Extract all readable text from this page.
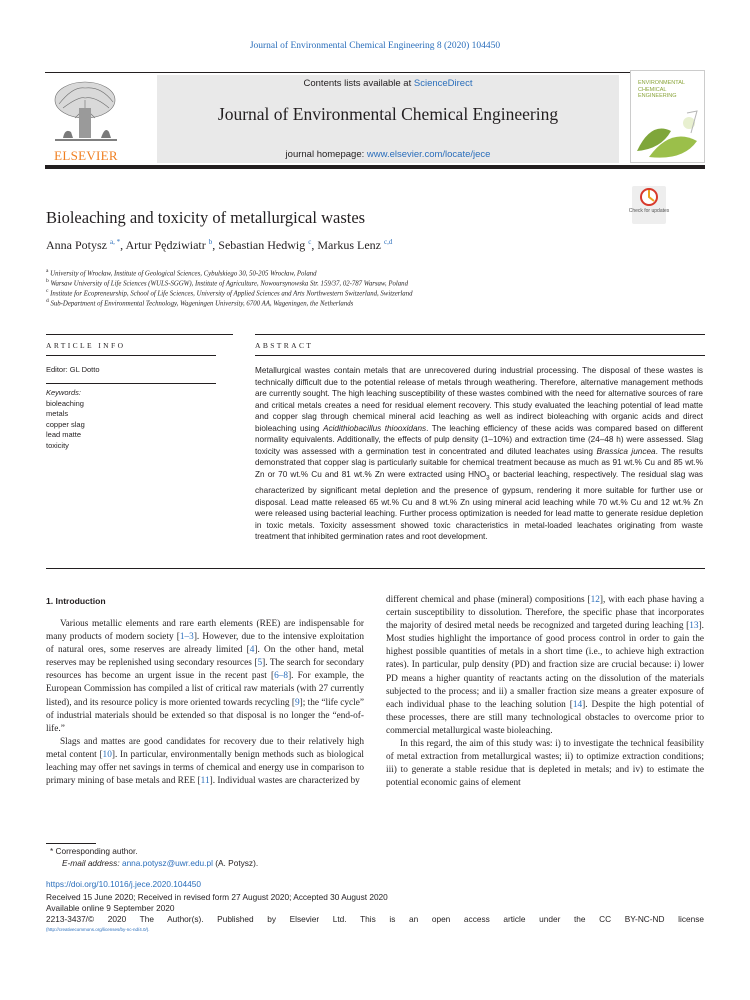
Journal of Environmental Chemical Engineering 8 (2020) 104450
ELSEVIER
Contents lists available at ScienceDirect
Journal of Environmental Chemical Engineering
journal homepage: www.elsevier.com/locate/jece
ENVIRONMENTAL CHEMICAL ENGINEERING
Check for updates
Bioleaching and toxicity of metallurgical wastes
Anna Potysz $^{a, *}$, Artur Pędziwiatr $^b$, Sebastian Hedwig $^c$, Markus Lenz $^{c,d}$
$^a$ University of Wrocław, Institute of Geological Sciences, Cybulskiego 30, 50-205 Wrocław, Poland
$^b$ Warsaw University of Life Sciences (WULS-SGGW), Institute of Agriculture, Nowoursynowska Str. 159/37, 02-787 Warsaw, Poland
$^c$ Institute for Ecopreneurship, School of Life Sciences, University of Applied Sciences and Arts Northwestern Switzerland, Switzerland
$^d$ Sub-Department of Environmental Technology, Wageningen University, 6700 AA, Wageningen, the Netherlands
ARTICLE INFO
Editor: GL Dotto
Keywords:
bioleaching
metals
copper slag
lead matte
toxicity
ABSTRACT
Metallurgical wastes contain metals that are unrecovered during industrial processing. The disposal of these wastes is technically difficult due to the potential release of metals through weathering. Therefore, alternative management methods are currently sought. The high leaching susceptibility of these wastes combined with the need for alternative sources of rare and critical metals creates a need for residual element recovery. This study evaluated the leaching potential of lead matte and copper slag through chemical mineral acid leaching as well as indirect bioleaching with organic acids and direct bioleaching using Acidithiobacillus thiooxidans. The leaching efficiency of these acids was compared based on different normality equivalents. Additionally, the effects of pulp density (1–10%) and extraction time (24–48 h) were assessed. Slag toxicity was assessed with a germination test in concentrated and diluted leachates using Brassica juncea. The results demonstrated that copper slag is particularly suitable for chemical treatment because as much as 91 wt.% Cu and 85 wt.% Zn or 70 wt.% Cu and 81 wt.% Zn were extracted using $HNO_3$ or bacterial leaching, respectively. The residual slag was characterized by significant metal depletion and the presence of gypsum, rendering it more suitable for further use or disposal. Lead matte released 65 wt.% Cu and 8 wt.% Zn using mineral acid leaching while 70 wt.% Cu and 12 wt.% Zn were released using bacterial leaching. Further process optimization is needed for lead matte to generate residue depletion in toxic metals. Toxicity assessment showed toxic characteristics in metal-loaded leachates originating from waste treatment that inhibited germination rates and root development.
1. Introduction

Various metallic elements and rare earth elements (REE) are indispensable for many products of modern society [1–3]. However, due to the intensive exploitation of natural ores, some reserves are already limited [4]. On the other hand, metal reserves may be replenished using secondary resources [5]. The search for secondary resources has become an urgent issue in the recent past [6–8]. For example, the European Commission has compiled a list of critical raw materials (with 27 currently listed), and its resource policy is more oriented towards recycling [9]; the “life cycle” of industrial materials should be extended so that disposal is no longer the “end-of-life.”

Slags and mattes are good candidates for recovery due to their relatively high metal content [10]. In particular, environmentally benign methods such as biological leaching may offer net savings in terms of chemical and energy use in comparison to primary mining of base metals and REE [11]. Individual wastes are characterized by

different chemical and phase (mineral) compositions [12], with each phase having a certain susceptibility to dissolution. Therefore, the specific phase that incorporates the majority of desired metal needs be recognized and targeted during leaching [13]. Most studies highlight the importance of good process control in order to gain the highest possible quantities of metals in a short time (i.e., to achieve high extraction rates). In particular, pulp density (PD) and fraction size are crucial because: i) lower PD means a higher quantity of reactants acting on the dissolution of the materials subjected to the process; and ii) a smaller fraction size means a greater exposure of each individual phase to the leaching solution [14]. Despite the high potential of these processes, there are still many technological obstacles to overcome prior to commercial metallurgical waste bioleaching.

In this regard, the aim of this study was: i) to investigate the technical feasibility of metal extraction from metallurgical wastes; ii) to optimize extraction conditions; iii) to generate a stable residue that is depleted in metals; and iv) to estimate the potential economic gains of element

* Corresponding author.
E-mail address: anna.potysz@uwr.edu.pl (A. Potysz).
https://doi.org/10.1016/j.jece.2020.104450
Received 15 June 2020; Received in revised form 27 August 2020; Accepted 30 August 2020
Available online 9 September 2020
2213-3437/© 2020 The Author(s). Published by Elsevier Ltd. This is an open access article under the CC BY-NC-ND license
(http://creativecommons.org/licenses/by-nc-nd/4.0/).
